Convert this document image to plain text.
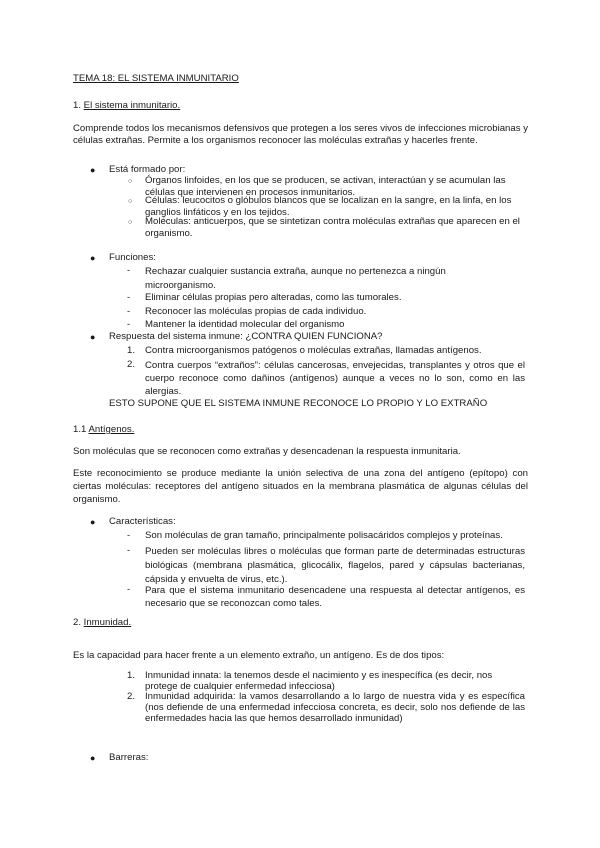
TEMA 18: EL SISTEMA INMUNITARIO
1. El sistema inmunitario.
Comprende todos los mecanismos defensivos que protegen a los seres vivos de infecciones microbianas y células extrañas. Permite a los organismos reconocer las moléculas extrañas y hacerles frente.
● Está formado por:
○ Órganos linfoides, en los que se producen, se activan, interactúan y se acumulan las células que intervienen en procesos inmunitarios.
○ Células: leucocitos o glóbulos blancos que se localizan en la sangre, en la linfa, en los ganglios linfáticos y en los tejidos.
○ Moléculas: anticuerpos, que se sintetizan contra moléculas extrañas que aparecen en el organismo.
● Funciones:
- Rechazar cualquier sustancia extraña, aunque no pertenezca a ningún microorganismo.
- Eliminar células propias pero alteradas, como las tumorales.
- Reconocer las moléculas propias de cada individuo.
- Mantener la identidad molecular del organismo
● Respuesta del sistema inmune: ¿CONTRA QUIEN FUNCIONA?
1. Contra microorganismos patógenos o moléculas extrañas, llamadas antígenos.
2. Contra cuerpos “extraños”: células cancerosas, envejecidas, transplantes y otros que el cuerpo reconoce como dañinos (antígenos) aunque a veces no lo son, como en las alergias.
ESTO SUPONE QUE EL SISTEMA INMUNE RECONOCE LO PROPIO Y LO EXTRAÑO
1.1 Antígenos.
Son moléculas que se reconocen como extrañas y desencadenan la respuesta inmunitaria.
Este reconocimiento se produce mediante la unión selectiva de una zona del antígeno (epítopo) con ciertas moléculas: receptores del antígeno situados en la membrana plasmática de algunas células del organismo.
● Características:
- Son moléculas de gran tamaño, principalmente polisacáridos complejos y proteínas.
- Pueden ser moléculas libres o moléculas que forman parte de determinadas estructuras biológicas (membrana plasmática, glicocálix, flagelos, pared y cápsulas bacterianas, cápsida y envuelta de virus, etc.).
- Para que el sistema inmunitario desencadene una respuesta al detectar antígenos, es necesario que se reconozcan como tales.
2. Inmunidad.
Es la capacidad para hacer frente a un elemento extraño, un antígeno. Es de dos tipos:
1. Inmunidad innata: la tenemos desde el nacimiento y es inespecífica (es decir, nos protege de cualquier enfermedad infecciosa)
2. Inmunidad adquirida: la vamos desarrollando a lo largo de nuestra vida y es específica (nos defiende de una enfermedad infecciosa concreta, es decir, solo nos defiende de las enfermedades hacia las que hemos desarrollado inmunidad)
● Barreras:
